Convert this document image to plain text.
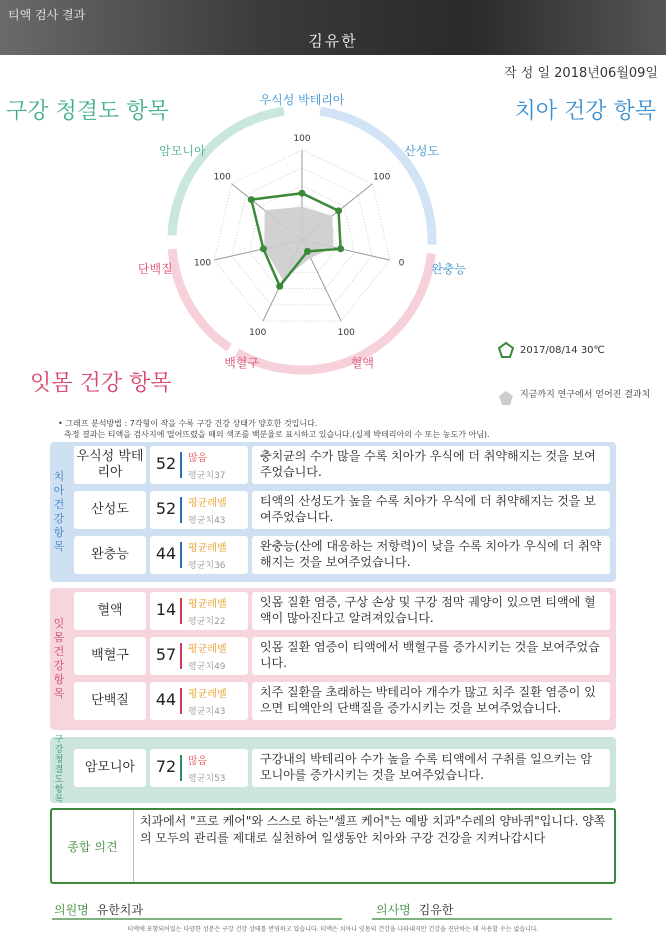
티액 검사 결과
김유한
작 성 일 2018년06월09일
구강 청결도 항목	치아 건강 항목
잇몸 건강 항목
100
100
0
100
100
100
100
우식성 박테리아
산성도
완충능
혈액
백혈구
단백질
암모니아
2017/08/14 30℃
지금까지 연구에서 얻어진 결과치
• 그래프 분석방법 : 7각형이 작을 수록 구강 건강 상태가 양호한 것입니다.
측정 결과는 티액을 검사지에 떨어뜨렸을 때의 색조를 백분율로 표시하고 있습니다.(실제 박테리아의 수 또는 농도가 아님).
치아건강항목
우식성 박테리아	52 많음
평균치37
충치균의 수가 많을 수록 치아가 우식에 더 취약해지는 것을 보여주었습니다.
산성도	52 평균레벨
평균치43
티액의 산성도가 높을 수록 치아가 우식에 더 취약해지는 것을 보여주었습니다.
완충능	44 평균레벨
평균치36
완충능(산에 대응하는 저항력)이 낮을 수록 치아가 우식에 더 취약해지는 것을 보여주었습니다.
잇몸건강항목
혈액	14 평균레벨
평균치22
잇몸 질환 염증, 구상 손상 및 구강 점막 궤양이 있으면 티액에 혈액이 많아진다고 알려져있습니다.
백혈구	57 평균레벨
평균치49
잇몸 질환 염증이 티액에서 백혈구를 증가시키는 것을 보여주었습니다.
단백질	44 평균레벨
평균치43
치주 질환을 초래하는 박테리아 개수가 많고 치주 질환 염증이 있으면 티액안의 단백질을 증가시키는 것을 보여주었습니다.
구강청결도항목
암모니아	72 많음
평균치53
구강내의 박테리아 수가 높을 수록 티액에서 구취를 일으키는 암모니아를 증가시키는 것을 보여주었습니다.
종합 의견
치과에서 "프로 케어"와 스스로 하는"셀프 케어"는 예방 치과"수레의 양바퀴"입니다. 양쪽의 모두의 관리를 제대로 실천하여 일생동안 치아와 구강 건강을 지켜나갑시다
의원명 유한치과	의사명 김유한
티액에 포함되어있는 다양한 성분은 구강 건강 상태를 반영하고 있습니다. 티액은 치아나 잇몸의 건강을 나타내지만 건강을 진단하는 데 사용할 수는 없습니다.
